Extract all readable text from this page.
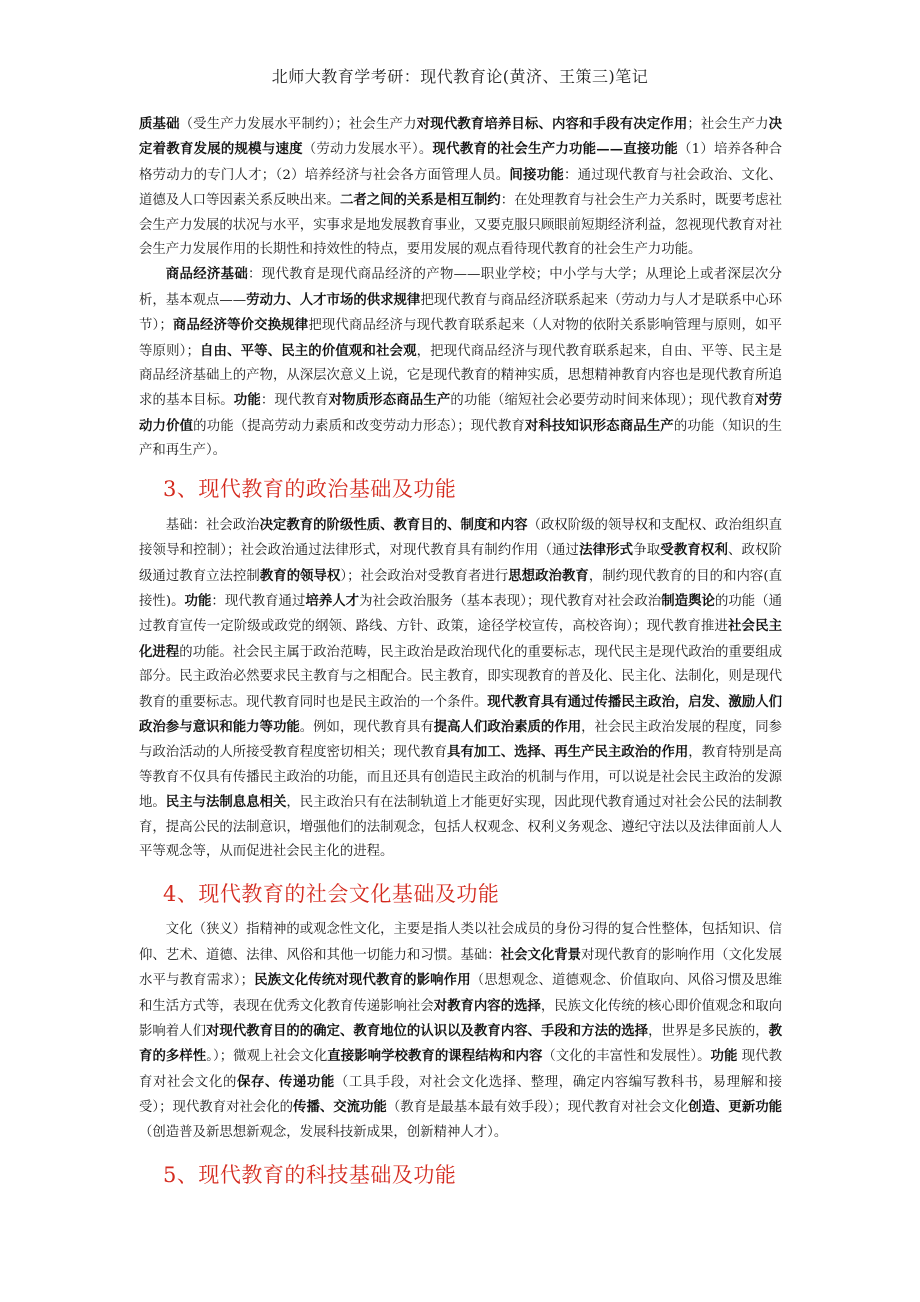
北师大教育学考研：现代教育论(黄济、王策三)笔记

质基础（受生产力发展水平制约）；社会生产力对现代教育培养目标、内容和手段有决定作用；社会生产力决定着教育发展的规模与速度（劳动力发展水平）。现代教育的社会生产力功能——直接功能（1）培养各种合格劳动力的专门人才；（2）培养经济与社会各方面管理人员。间接功能：通过现代教育与社会政治、文化、道德及人口等因素关系反映出来。二者之间的关系是相互制约：在处理教育与社会生产力关系时，既要考虑社会生产力发展的状况与水平，实事求是地发展教育事业，又要克服只顾眼前短期经济利益，忽视现代教育对社会生产力发展作用的长期性和持效性的特点，要用发展的观点看待现代教育的社会生产力功能。

商品经济基础：现代教育是现代商品经济的产物——职业学校；中小学与大学；从理论上或者深层次分析，基本观点——劳动力、人才市场的供求规律把现代教育与商品经济联系起来（劳动力与人才是联系中心环节）；商品经济等价交换规律把现代商品经济与现代教育联系起来（人对物的依附关系影响管理与原则，如平等原则）；自由、平等、民主的价值观和社会观，把现代商品经济与现代教育联系起来，自由、平等、民主是商品经济基础上的产物，从深层次意义上说，它是现代教育的精神实质，思想精神教育内容也是现代教育所追求的基本目标。功能：现代教育对物质形态商品生产的功能（缩短社会必要劳动时间来体现）；现代教育对劳动力价值的功能（提高劳动力素质和改变劳动力形态）；现代教育对科技知识形态商品生产的功能（知识的生产和再生产）。

3、现代教育的政治基础及功能

基础：社会政治决定教育的阶级性质、教育目的、制度和内容（政权阶级的领导权和支配权、政治组织直接领导和控制）；社会政治通过法律形式，对现代教育具有制约作用（通过法律形式争取受教育权利、政权阶级通过教育立法控制教育的领导权）；社会政治对受教育者进行思想政治教育，制约现代教育的目的和内容(直接性)。功能：现代教育通过培养人才为社会政治服务（基本表现）；现代教育对社会政治制造舆论的功能（通过教育宣传一定阶级或政党的纲领、路线、方针、政策，途径学校宣传，高校咨询）；现代教育推进社会民主化进程的功能。社会民主属于政治范畴，民主政治是政治现代化的重要标志，现代民主是现代政治的重要组成部分。民主政治必然要求民主教育与之相配合。民主教育，即实现教育的普及化、民主化、法制化，则是现代教育的重要标志。现代教育同时也是民主政治的一个条件。现代教育具有通过传播民主政治，启发、激励人们政治参与意识和能力等功能。例如，现代教育具有提高人们政治素质的作用，社会民主政治发展的程度，同参与政治活动的人所接受教育程度密切相关；现代教育具有加工、选择、再生产民主政治的作用，教育特别是高等教育不仅具有传播民主政治的功能，而且还具有创造民主政治的机制与作用，可以说是社会民主政治的发源地。民主与法制息息相关，民主政治只有在法制轨道上才能更好实现，因此现代教育通过对社会公民的法制教育，提高公民的法制意识，增强他们的法制观念，包括人权观念、权利义务观念、遵纪守法以及法律面前人人平等观念等，从而促进社会民主化的进程。

4、现代教育的社会文化基础及功能

文化（狭义）指精神的或观念性文化，主要是指人类以社会成员的身份习得的复合性整体，包括知识、信仰、艺术、道德、法律、风俗和其他一切能力和习惯。基础：社会文化背景对现代教育的影响作用（文化发展水平与教育需求）；民族文化传统对现代教育的影响作用（思想观念、道德观念、价值取向、风俗习惯及思维和生活方式等，表现在优秀文化教育传递影响社会对教育内容的选择，民族文化传统的核心即价值观念和取向影响着人们对现代教育目的的确定、教育地位的认识以及教育内容、手段和方法的选择，世界是多民族的，教育的多样性。）；微观上社会文化直接影响学校教育的课程结构和内容（文化的丰富性和发展性）。功能 现代教育对社会文化的保存、传递功能（工具手段，对社会文化选择、整理，确定内容编写教科书，易理解和接受）；现代教育对社会化的传播、交流功能（教育是最基本最有效手段）；现代教育对社会文化创造、更新功能（创造普及新思想新观念，发展科技新成果，创新精神人才）。

5、现代教育的科技基础及功能
